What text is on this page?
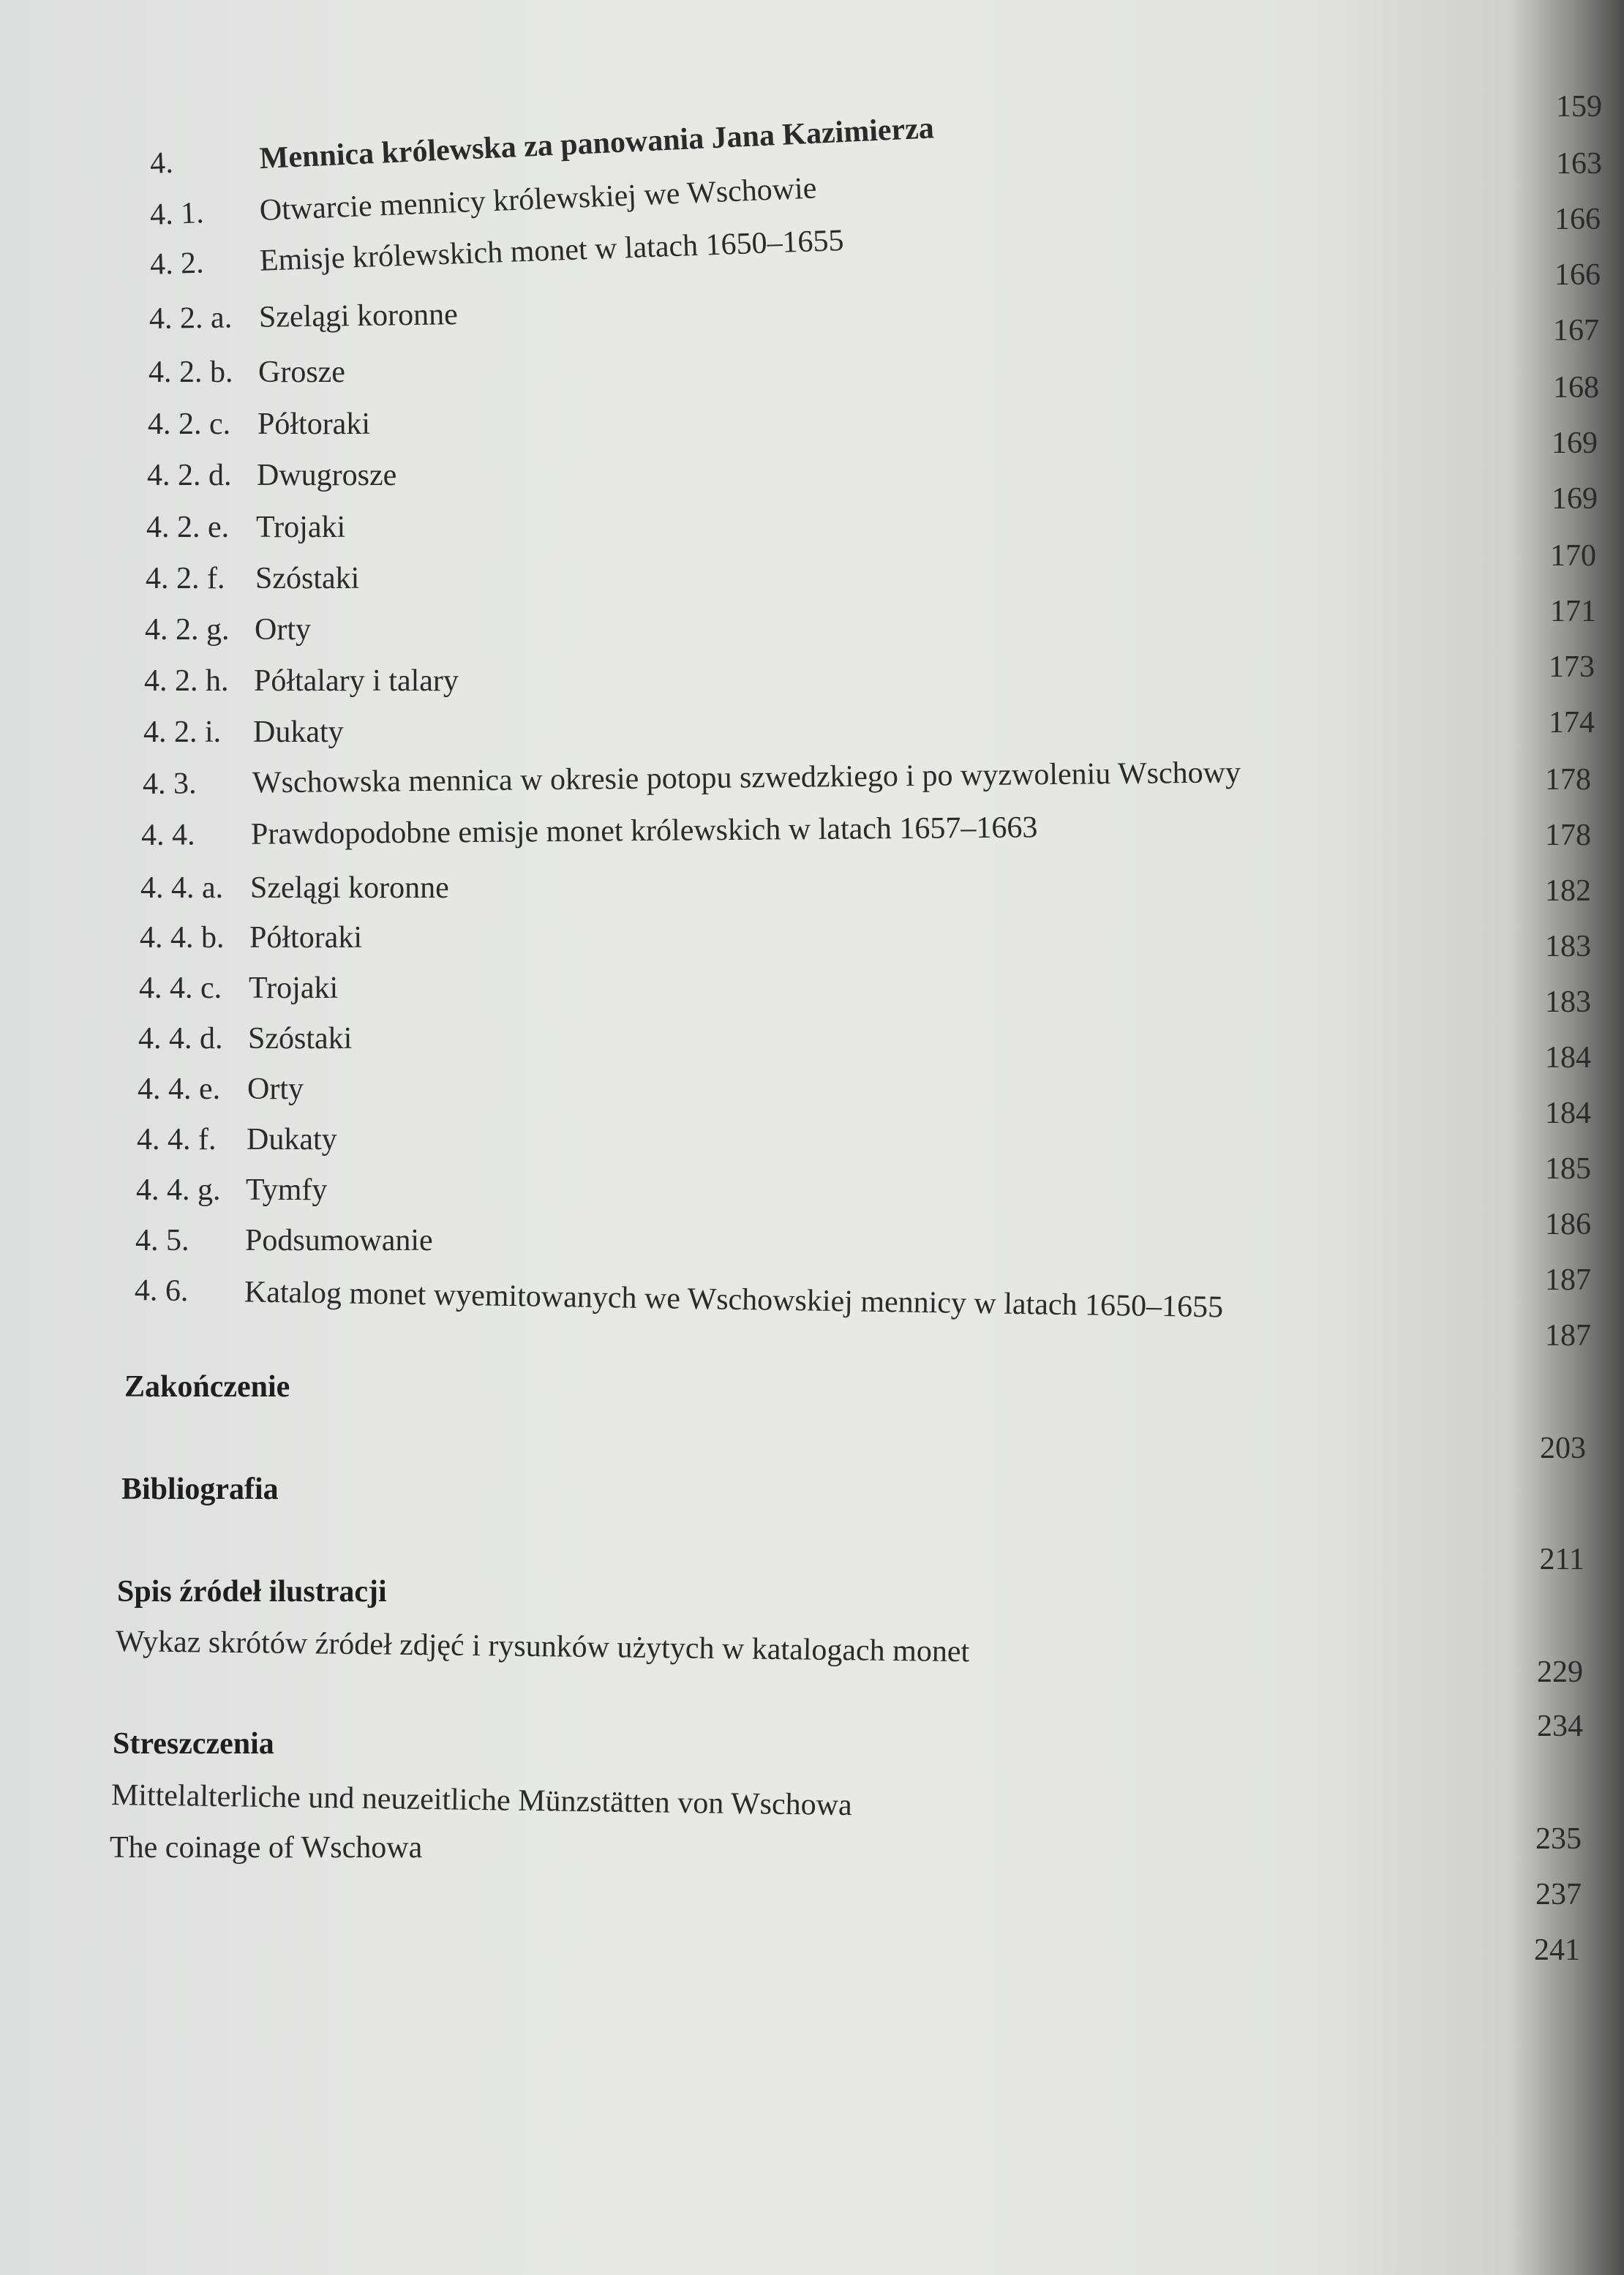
4.	Mennica królewska za panowania Jana Kazimierza
4. 1. Otwarcie mennicy królewskiej we Wschowie
4. 2. Emisje królewskich monet w latach 1650–1655
4. 2. a. Szelągi koronne
4. 2. b. Grosze
4. 2. c. Półtoraki
4. 2. d. Dwugrosze
4. 2. e. Trojaki
4. 2. f. Szóstaki
4. 2. g. Orty
4. 2. h. Półtalary i talary
4. 2. i. Dukaty
4. 3. Wschowska mennica w okresie potopu szwedzkiego i po wyzwoleniu Wschowy
4. 4. Prawdopodobne emisje monet królewskich w latach 1657–1663
4. 4. a. Szelągi koronne
4. 4. b. Półtoraki
4. 4. c. Trojaki
4. 4. d. Szóstaki
4. 4. e. Orty
4. 4. f. Dukaty
4. 4. g. Tymfy
4. 5. Podsumowanie
4. 6. Katalog monet wyemitowanych we Wschowskiej mennicy w latach 1650–1655
Zakończenie
Bibliografia
Spis źródeł ilustracji
Wykaz skrótów źródeł zdjęć i rysunków użytych w katalogach monet
Streszczenia
Mittelalterliche und neuzeitliche Münzstätten von Wschowa
The coinage of Wschowa
159
163
166
166
167
168
169
169
170
171
173
174
178
178
182
183
183
184
184
185
186
187
187
203
211
229
234
235
237
241
